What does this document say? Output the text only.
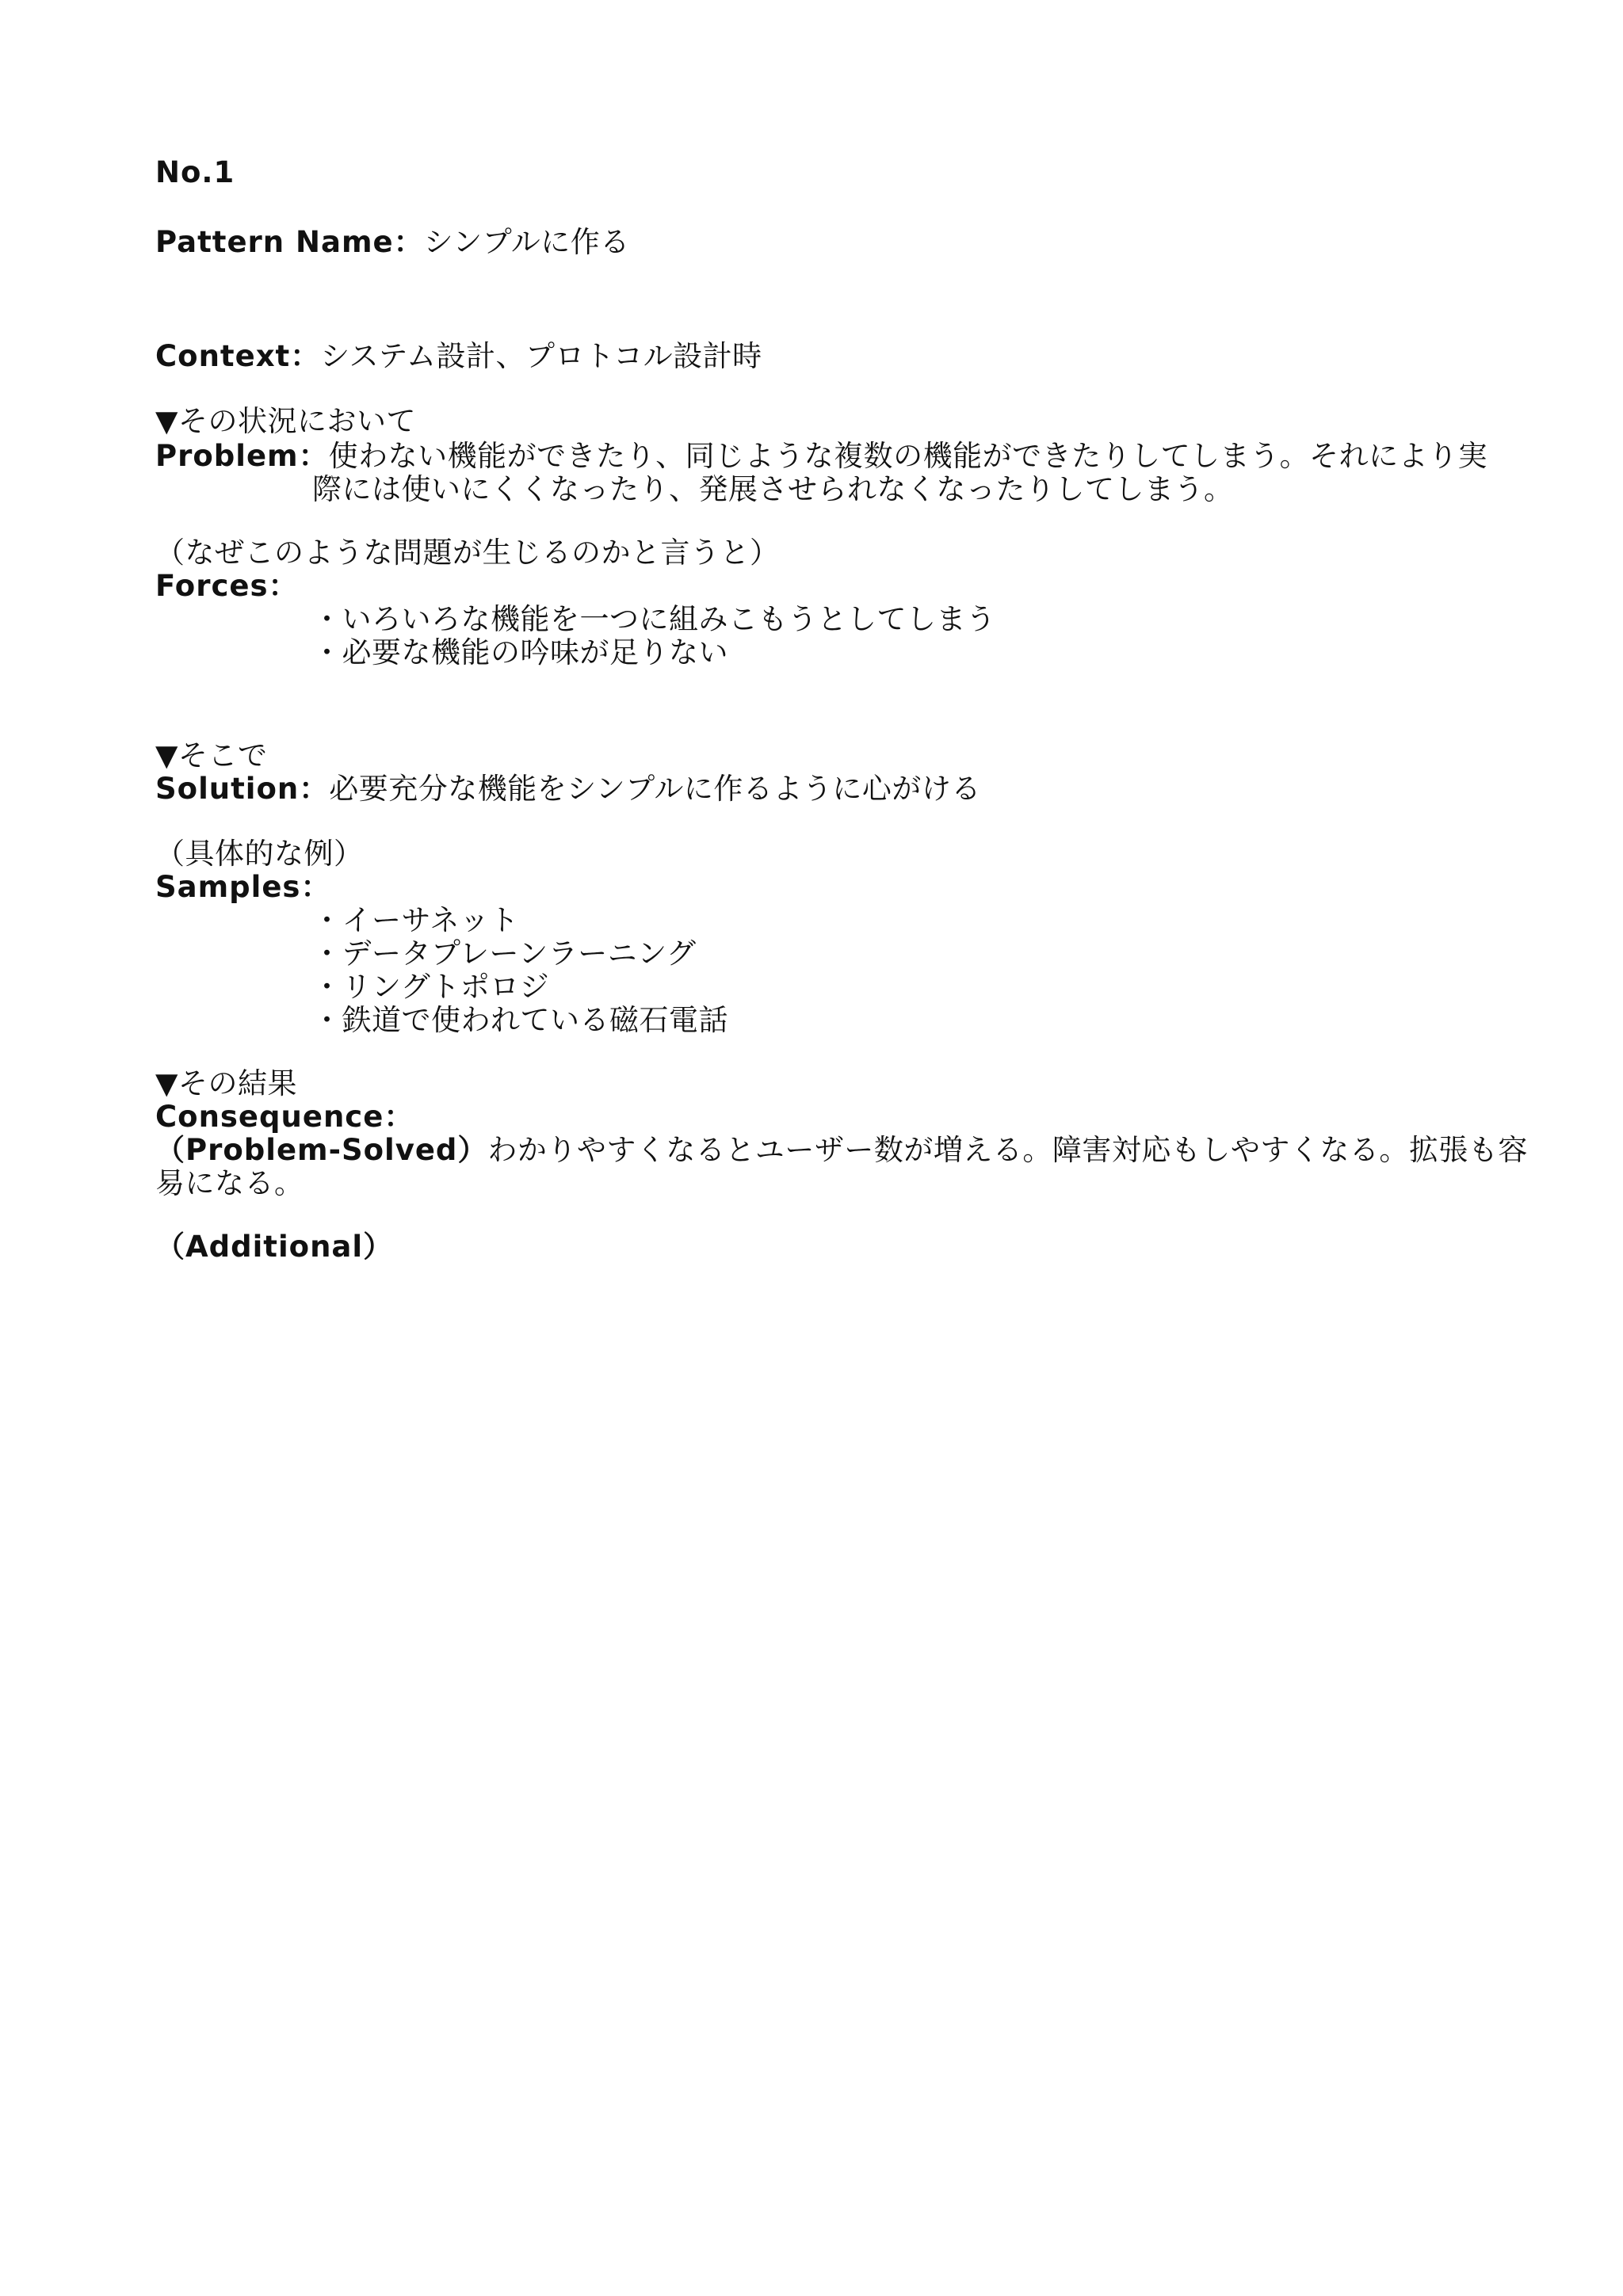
No.1
Pattern Name：シンプルに作る
Context：システム設計、プロトコル設計時
▼その状況において
Problem：使わない機能ができたり、同じような複数の機能ができたりしてしまう。それにより実
際には使いにくくなったり、発展させられなくなったりしてしまう。
（なぜこのような問題が生じるのかと言うと）
Forces：
・いろいろな機能を一つに組みこもうとしてしまう
・必要な機能の吟味が足りない
▼そこで
Solution：必要充分な機能をシンプルに作るように心がける
（具体的な例）
Samples：
・イーサネット
・データプレーンラーニング
・リングトポロジ
・鉄道で使われている磁石電話
▼その結果
Consequence：
（Problem-Solved）わかりやすくなるとユーザー数が増える。障害対応もしやすくなる。拡張も容
易になる。
（Additional）
